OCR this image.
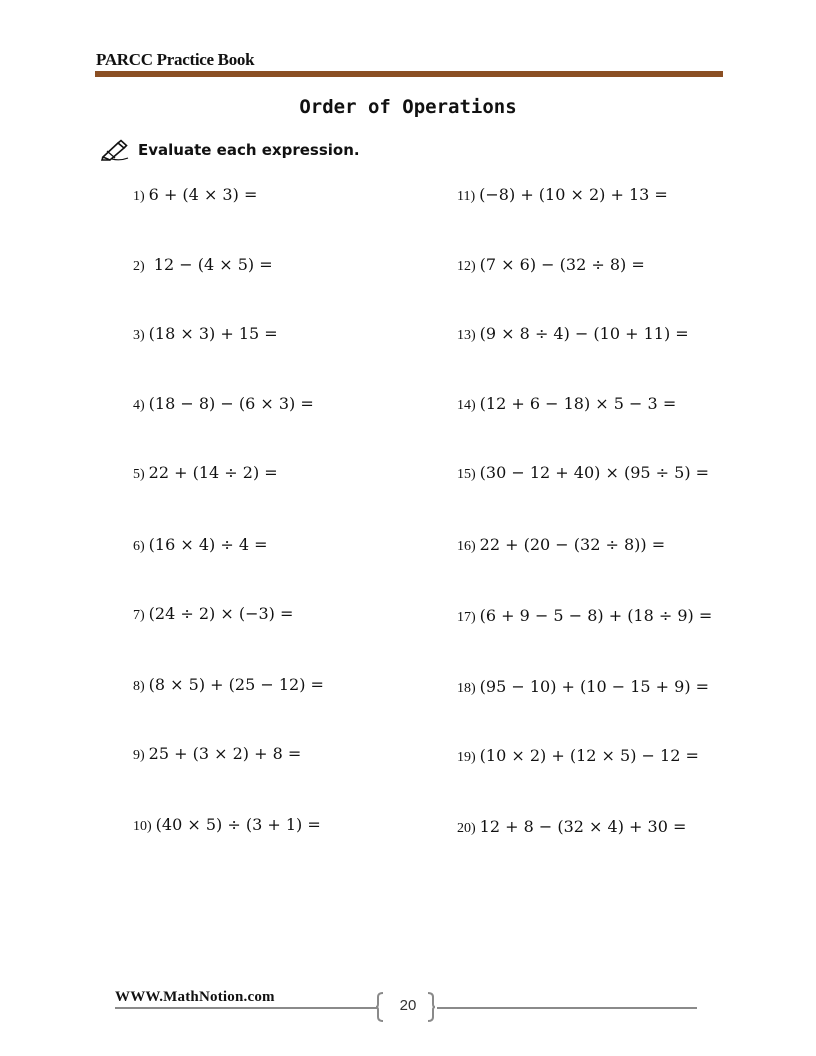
PARCC Practice Book
Order of Operations
Evaluate each expression.
1) 6 + (4 × 3) =
2) 12 − (4 × 5) =
3) (18 × 3) + 15 =
4) (18 − 8) − (6 × 3) =
5) 22 + (14 ÷ 2) =
6) (16 × 4) ÷ 4 =
7) (24 ÷ 2) × (−3) =
8) (8 × 5) + (25 − 12) =
9) 25 + (3 × 2) + 8 =
10) (40 × 5) ÷ (3 + 1) =
11) (−8) + (10 × 2) + 13 =
12) (7 × 6) − (32 ÷ 8) =
13) (9 × 8 ÷ 4) − (10 + 11) =
14) (12 + 6 − 18) × 5 − 3 =
15) (30 − 12 + 40) × (95 ÷ 5) =
16) 22 + (20 − (32 ÷ 8)) =
17) (6 + 9 − 5 − 8) + (18 ÷ 9) =
18) (95 − 10) + (10 − 15 + 9) =
19) (10 × 2) + (12 × 5) − 12 =
20) 12 + 8 − (32 × 4) + 30 =
WWW.MathNotion.com	20
